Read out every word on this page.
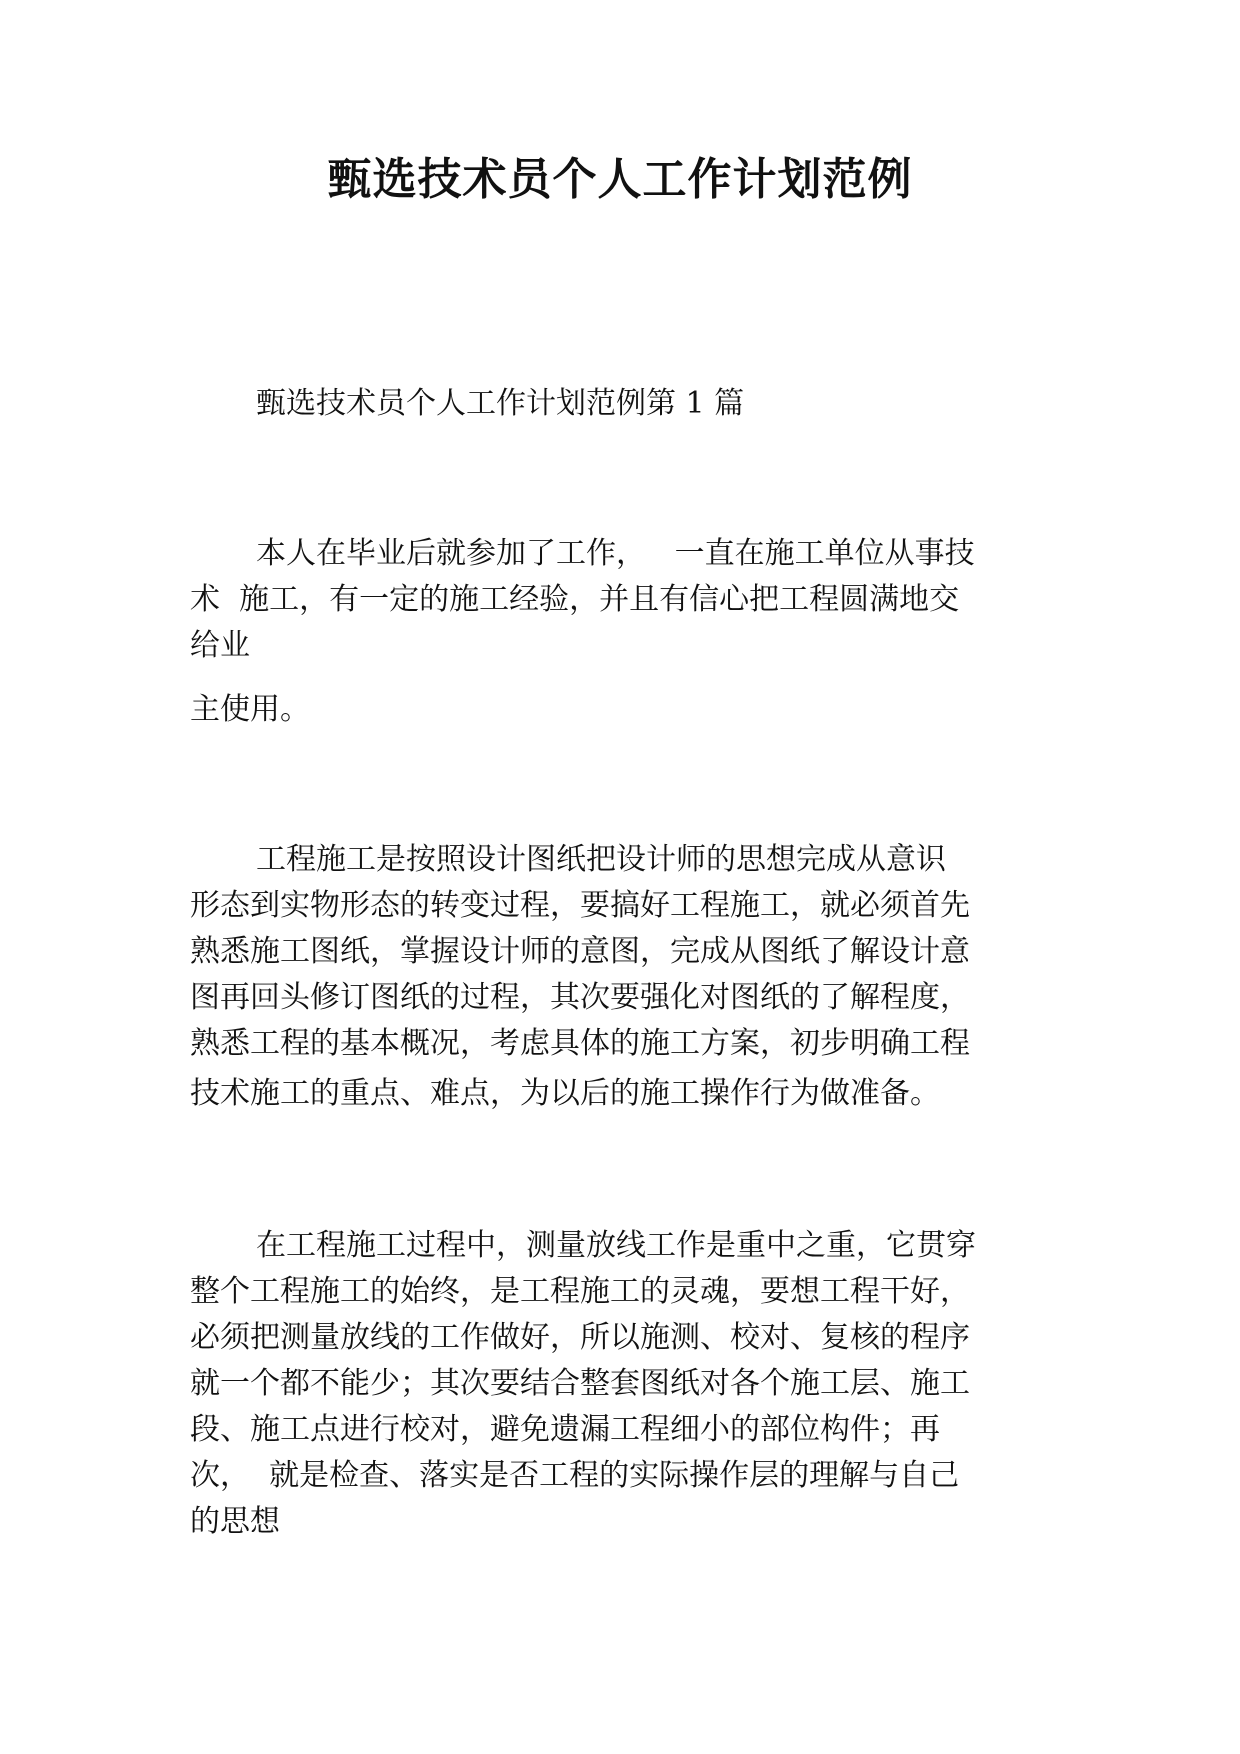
甄选技术员个人工作计划范例
甄选技术员个人工作计划范例第 1 篇
本人在毕业后就参加了工作，   一直在施工单位从事技
术  施工，有一定的施工经验，并且有信心把工程圆满地交
给业
主使用。
工程施工是按照设计图纸把设计师的思想完成从意识
形态到实物形态的转变过程，要搞好工程施工，就必须首先
熟悉施工图纸，掌握设计师的意图，完成从图纸了解设计意
图再回头修订图纸的过程，其次要强化对图纸的了解程度，
熟悉工程的基本概况，考虑具体的施工方案，初步明确工程
技术施工的重点、难点，为以后的施工操作行为做准备。
在工程施工过程中，测量放线工作是重中之重，它贯穿
整个工程施工的始终，是工程施工的灵魂，要想工程干好，
必须把测量放线的工作做好，所以施测、校对、复核的程序
就一个都不能少；其次要结合整套图纸对各个施工层、施工
段、施工点进行校对，避免遗漏工程细小的部位构件；再
次，  就是检查、落实是否工程的实际操作层的理解与自己
的思想
